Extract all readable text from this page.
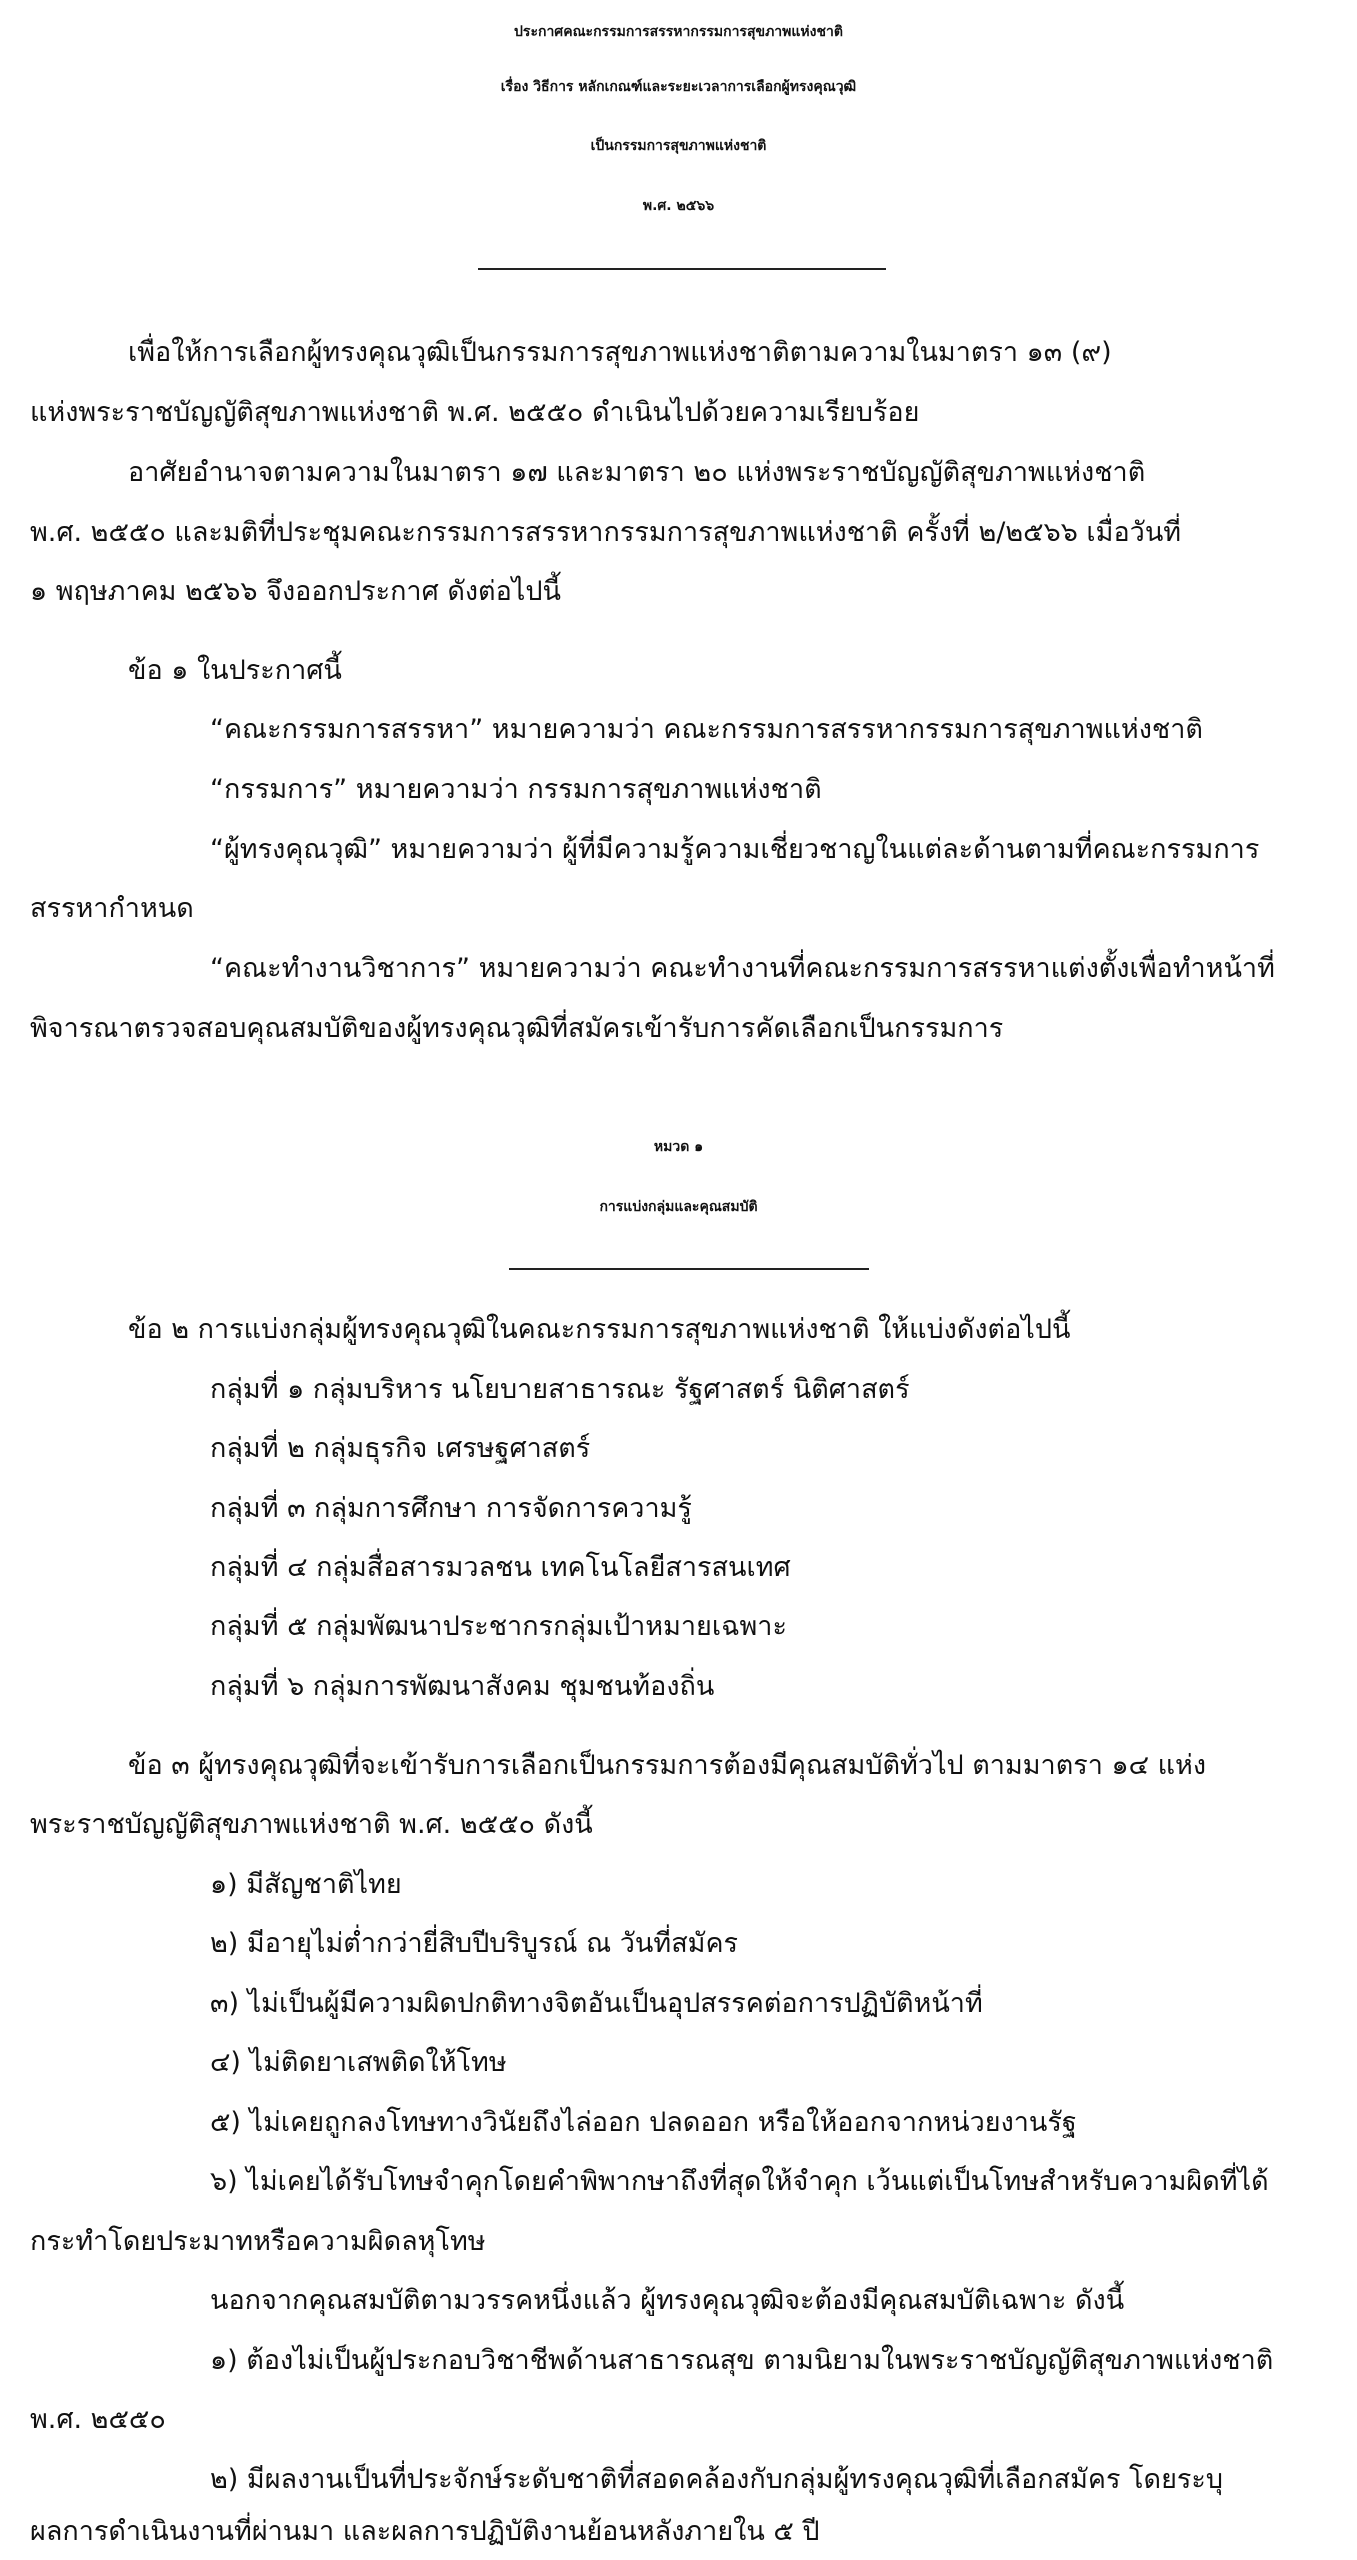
ประกาศคณะกรรมการสรรหากรรมการสุขภาพแห่งชาติ
เรื่อง วิธีการ หลักเกณฑ์และระยะเวลาการเลือกผู้ทรงคุณวุฒิ
เป็นกรรมการสุขภาพแห่งชาติ
พ.ศ. ๒๕๖๖
เพื่อให้การเลือกผู้ทรงคุณวุฒิเป็นกรรมการสุขภาพแห่งชาติตามความในมาตรา ๑๓ (๙)
แห่งพระราชบัญญัติสุขภาพแห่งชาติ พ.ศ. ๒๕๕๐ ดำเนินไปด้วยความเรียบร้อย
อาศัยอำนาจตามความในมาตรา ๑๗ และมาตรา ๒๐ แห่งพระราชบัญญัติสุขภาพแห่งชาติ
พ.ศ. ๒๕๕๐ และมติที่ประชุมคณะกรรมการสรรหากรรมการสุขภาพแห่งชาติ ครั้งที่ ๒/๒๕๖๖ เมื่อวันที่
๑ พฤษภาคม ๒๕๖๖ จึงออกประกาศ ดังต่อไปนี้
ข้อ ๑ ในประกาศนี้
“คณะกรรมการสรรหา” หมายความว่า คณะกรรมการสรรหากรรมการสุขภาพแห่งชาติ
“กรรมการ” หมายความว่า กรรมการสุขภาพแห่งชาติ
“ผู้ทรงคุณวุฒิ” หมายความว่า ผู้ที่มีความรู้ความเชี่ยวชาญในแต่ละด้านตามที่คณะกรรมการ
สรรหากำหนด
“คณะทำงานวิชาการ” หมายความว่า คณะทำงานที่คณะกรรมการสรรหาแต่งตั้งเพื่อทำหน้าที่
พิจารณาตรวจสอบคุณสมบัติของผู้ทรงคุณวุฒิที่สมัครเข้ารับการคัดเลือกเป็นกรรมการ
หมวด ๑
การแบ่งกลุ่มและคุณสมบัติ
ข้อ ๒ การแบ่งกลุ่มผู้ทรงคุณวุฒิในคณะกรรมการสุขภาพแห่งชาติ ให้แบ่งดังต่อไปนี้
กลุ่มที่ ๑ กลุ่มบริหาร นโยบายสาธารณะ รัฐศาสตร์ นิติศาสตร์
กลุ่มที่ ๒ กลุ่มธุรกิจ เศรษฐศาสตร์
กลุ่มที่ ๓ กลุ่มการศึกษา การจัดการความรู้
กลุ่มที่ ๔ กลุ่มสื่อสารมวลชน เทคโนโลยีสารสนเทศ
กลุ่มที่ ๕ กลุ่มพัฒนาประชากรกลุ่มเป้าหมายเฉพาะ
กลุ่มที่ ๖ กลุ่มการพัฒนาสังคม ชุมชนท้องถิ่น
ข้อ ๓ ผู้ทรงคุณวุฒิที่จะเข้ารับการเลือกเป็นกรรมการต้องมีคุณสมบัติทั่วไป ตามมาตรา ๑๔ แห่ง
พระราชบัญญัติสุขภาพแห่งชาติ พ.ศ. ๒๕๕๐ ดังนี้
๑) มีสัญชาติไทย
๒) มีอายุไม่ต่ำกว่ายี่สิบปีบริบูรณ์ ณ วันที่สมัคร
๓) ไม่เป็นผู้มีความผิดปกติทางจิตอันเป็นอุปสรรคต่อการปฏิบัติหน้าที่
๔) ไม่ติดยาเสพติดให้โทษ
๕) ไม่เคยถูกลงโทษทางวินัยถึงไล่ออก ปลดออก หรือให้ออกจากหน่วยงานรัฐ
๖) ไม่เคยได้รับโทษจำคุกโดยคำพิพากษาถึงที่สุดให้จำคุก เว้นแต่เป็นโทษสำหรับความผิดที่ได้
กระทำโดยประมาทหรือความผิดลหุโทษ
นอกจากคุณสมบัติตามวรรคหนึ่งแล้ว ผู้ทรงคุณวุฒิจะต้องมีคุณสมบัติเฉพาะ ดังนี้
๑) ต้องไม่เป็นผู้ประกอบวิชาชีพด้านสาธารณสุข ตามนิยามในพระราชบัญญัติสุขภาพแห่งชาติ
พ.ศ. ๒๕๕๐
๒) มีผลงานเป็นที่ประจักษ์ระดับชาติที่สอดคล้องกับกลุ่มผู้ทรงคุณวุฒิที่เลือกสมัคร โดยระบุ
ผลการดำเนินงานที่ผ่านมา และผลการปฏิบัติงานย้อนหลังภายใน ๕ ปี
